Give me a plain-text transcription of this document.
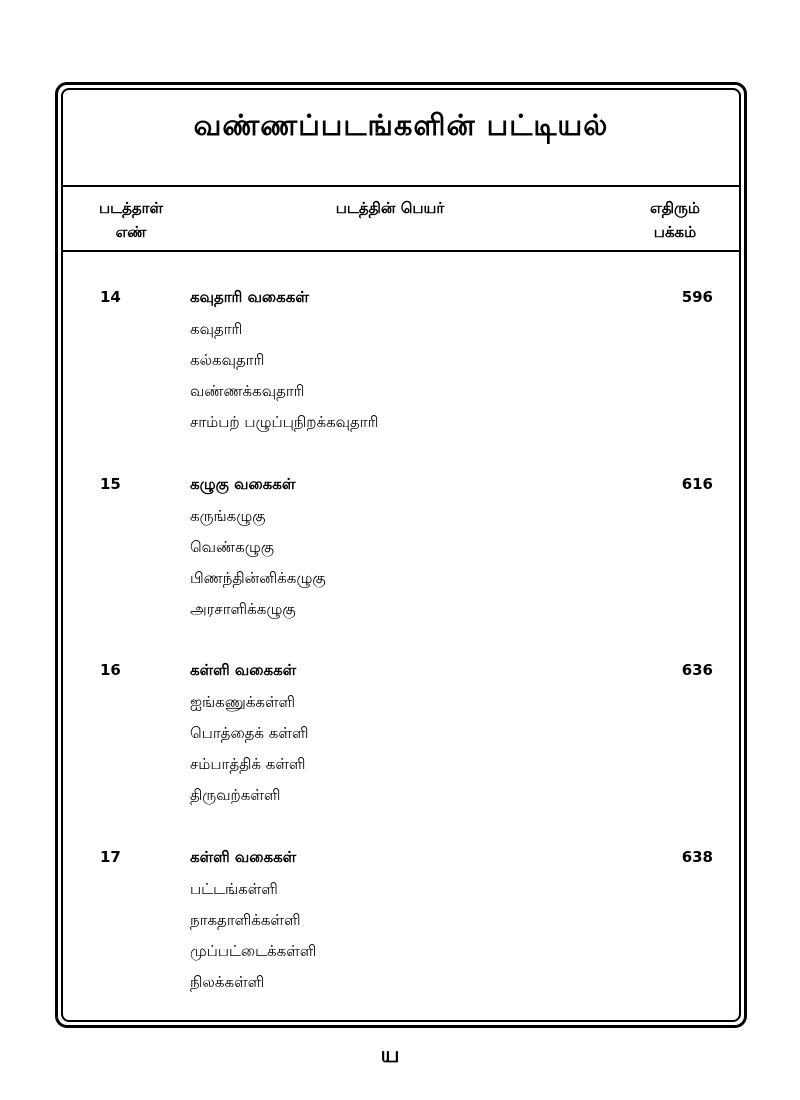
வண்ணப்படங்களின் பட்டியல்
படத்தாள்
எண்
படத்தின் பெயர்	எதிரும்
பக்கம்
14	கவுதாரி வகைகள்	596
கவுதாரி
கல்கவுதாரி
வண்ணக்கவுதாரி
சாம்பற் பழுப்புநிறக்கவுதாரி
15	கழுகு வகைகள்	616
கருங்கழுகு
வெண்கழுகு
பிணந்தின்னிக்கழுகு
அரசாளிக்கழுகு
16	கள்ளி வகைகள்	636
ஐங்கணுக்கள்ளி
பொத்தைக் கள்ளி
சம்பாத்திக் கள்ளி
திருவற்கள்ளி
17	கள்ளி வகைகள்	638
பட்டங்கள்ளி
நாகதாளிக்கள்ளி
முப்பட்டைக்கள்ளி
நிலக்கள்ளி
ய
